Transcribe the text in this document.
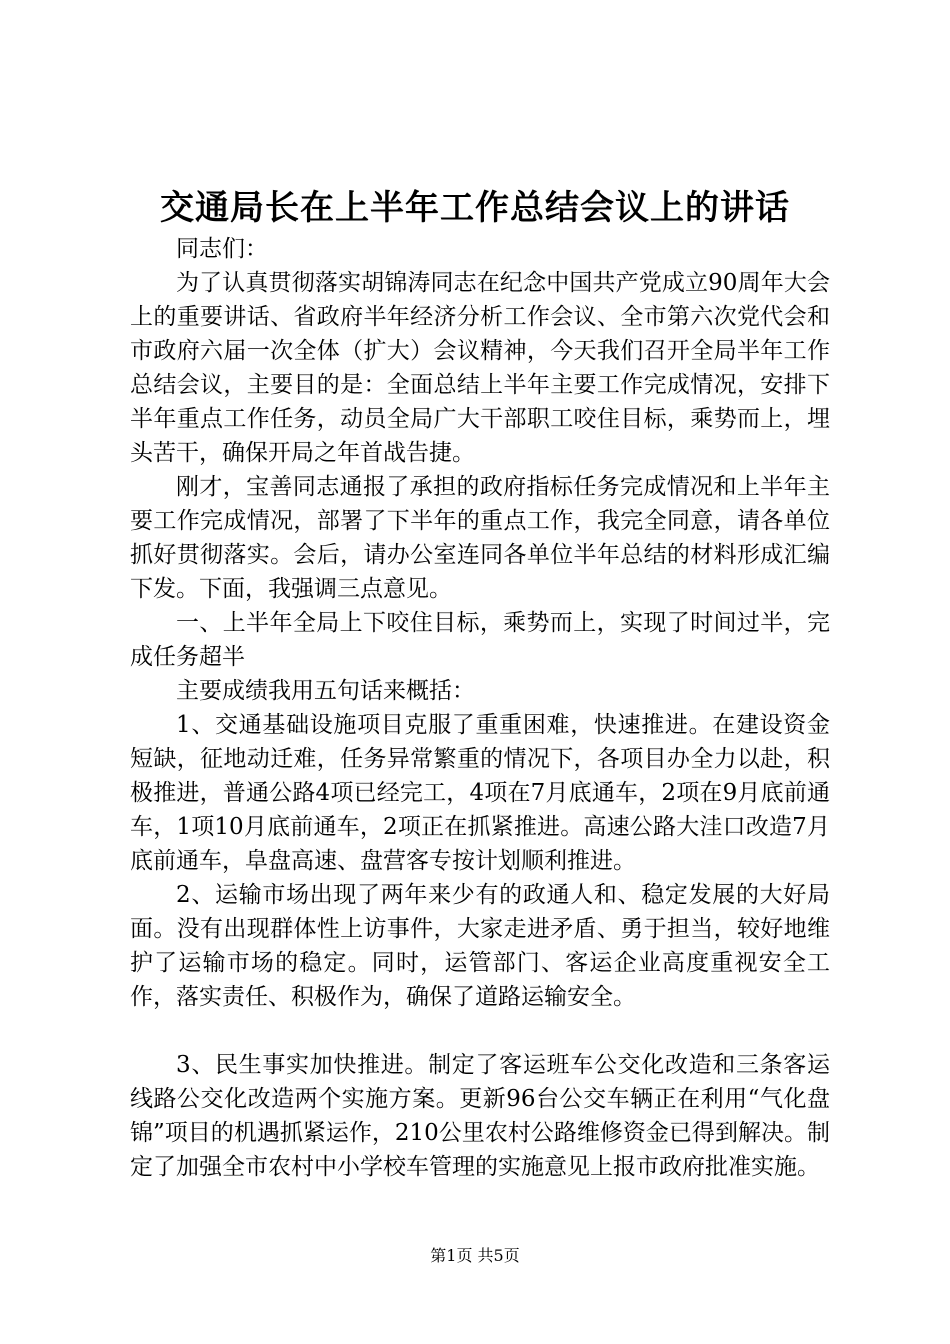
交通局长在上半年工作总结会议上的讲话

同志们：

为了认真贯彻落实胡锦涛同志在纪念中国共产党成立90周年大会上的重要讲话、省政府半年经济分析工作会议、全市第六次党代会和市政府六届一次全体（扩大）会议精神，今天我们召开全局半年工作总结会议，主要目的是：全面总结上半年主要工作完成情况，安排下半年重点工作任务，动员全局广大干部职工咬住目标，乘势而上，埋头苦干，确保开局之年首战告捷。

刚才，宝善同志通报了承担的政府指标任务完成情况和上半年主要工作完成情况，部署了下半年的重点工作，我完全同意，请各单位抓好贯彻落实。会后，请办公室连同各单位半年总结的材料形成汇编下发。下面，我强调三点意见。

一、上半年全局上下咬住目标，乘势而上，实现了时间过半，完成任务超半

主要成绩我用五句话来概括：

1、交通基础设施项目克服了重重困难，快速推进。在建设资金短缺，征地动迁难，任务异常繁重的情况下，各项目办全力以赴，积极推进，普通公路4项已经完工，4项在7月底通车，2项在9月底前通车，1项10月底前通车，2项正在抓紧推进。高速公路大洼口改造7月底前通车，阜盘高速、盘营客专按计划顺利推进。

2、运输市场出现了两年来少有的政通人和、稳定发展的大好局面。没有出现群体性上访事件，大家走进矛盾、勇于担当，较好地维护了运输市场的稳定。同时，运管部门、客运企业高度重视安全工作，落实责任、积极作为，确保了道路运输安全。

3、民生事实加快推进。制定了客运班车公交化改造和三条客运线路公交化改造两个实施方案。更新96台公交车辆正在利用“气化盘锦”项目的机遇抓紧运作，210公里农村公路维修资金已得到解决。制定了加强全市农村中小学校车管理的实施意见上报市政府批准实施。

第1页 共5页
